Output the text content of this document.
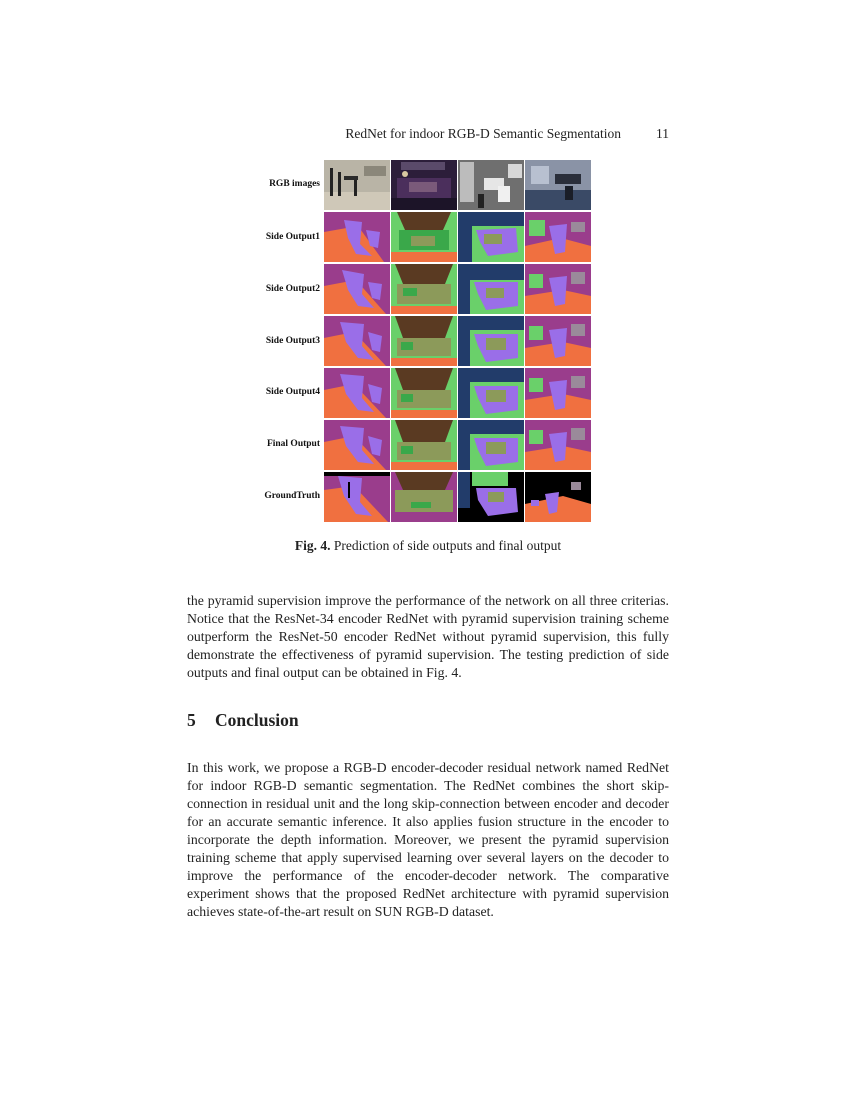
RedNet for indoor RGB-D Semantic Segmentation	11
RGB images
Side Output1
Side Output2
Side Output3
Side Output4
Final Output
GroundTruth
Fig. 4. Prediction of side outputs and final output
the pyramid supervision improve the performance of the network on all three criterias. Notice that the ResNet-34 encoder RedNet with pyramid supervision training scheme outperform the ResNet-50 encoder RedNet without pyramid supervision, this fully demonstrate the effectiveness of pyramid supervision. The testing prediction of side outputs and final output can be obtained in Fig. 4.
5 Conclusion
In this work, we propose a RGB-D encoder-decoder residual network named RedNet for indoor RGB-D semantic segmentation. The RedNet combines the short skip-connection in residual unit and the long skip-connection between encoder and decoder for an accurate semantic inference. It also applies fusion structure in the encoder to incorporate the depth information. Moreover, we present the pyramid supervision training scheme that apply supervised learning over several layers on the decoder to improve the performance of the encoder-decoder network. The comparative experiment shows that the proposed RedNet architecture with pyramid supervision achieves state-of-the-art result on SUN RGB-D dataset.
